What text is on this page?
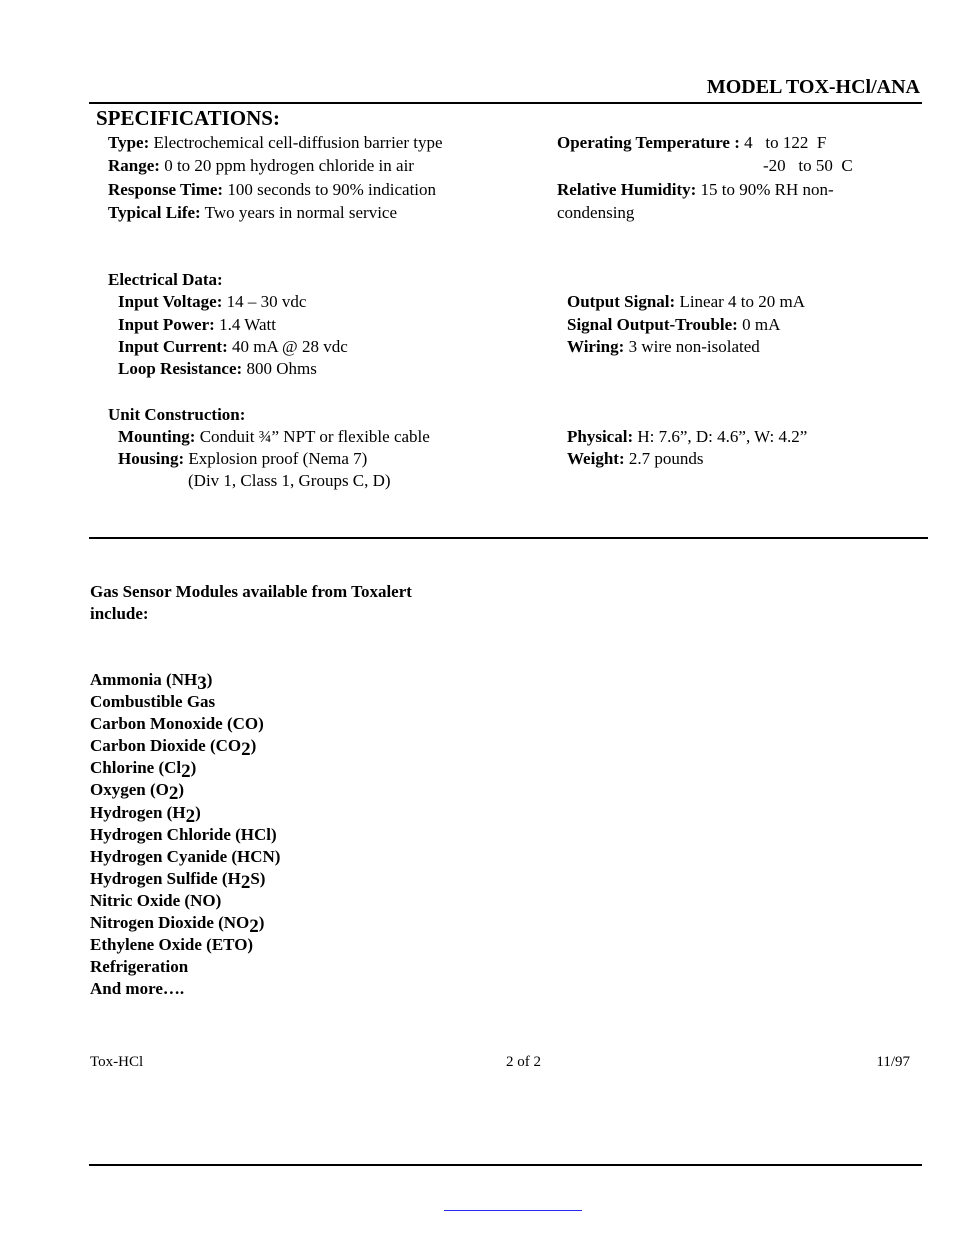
MODEL TOX-HCl/ANA
SPECIFICATIONS:
Type: Electrochemical cell-diffusion barrier type
Range: 0 to 20 ppm hydrogen chloride in air
Response Time: 100 seconds to 90% indication
Typical Life: Two years in normal service
Operating Temperature : 4   to 122  F
-20   to 50  C
Relative Humidity: 15 to 90% RH non-
condensing
Electrical Data:
Input Voltage: 14 – 30 vdc
Input Power: 1.4 Watt
Input Current: 40 mA @ 28 vdc
Loop Resistance: 800 Ohms
Output Signal: Linear 4 to 20 mA
Signal Output-Trouble: 0 mA
Wiring: 3 wire non-isolated
Unit Construction:
Mounting: Conduit ¾” NPT or flexible cable
Housing: Explosion proof (Nema 7)
(Div 1, Class 1, Groups C, D)
Physical: H: 7.6”, D: 4.6”, W: 4.2”
Weight: 2.7 pounds
Gas Sensor Modules available from Toxalert include:
Ammonia $(NH_3)$
Combustible Gas
Carbon Monoxide (CO)
Carbon Dioxide $(CO_2)$
Chlorine $(Cl_2)$
Oxygen $(O_2)$
Hydrogen $(H_2)$
Hydrogen Chloride (HCl)
Hydrogen Cyanide (HCN)
Hydrogen Sulfide $(H_2S)$
Nitric Oxide (NO)
Nitrogen Dioxide $(NO_2)$
Ethylene Oxide (ETO)
Refrigeration
And more….
Tox-HCl	2 of 2	11/97
